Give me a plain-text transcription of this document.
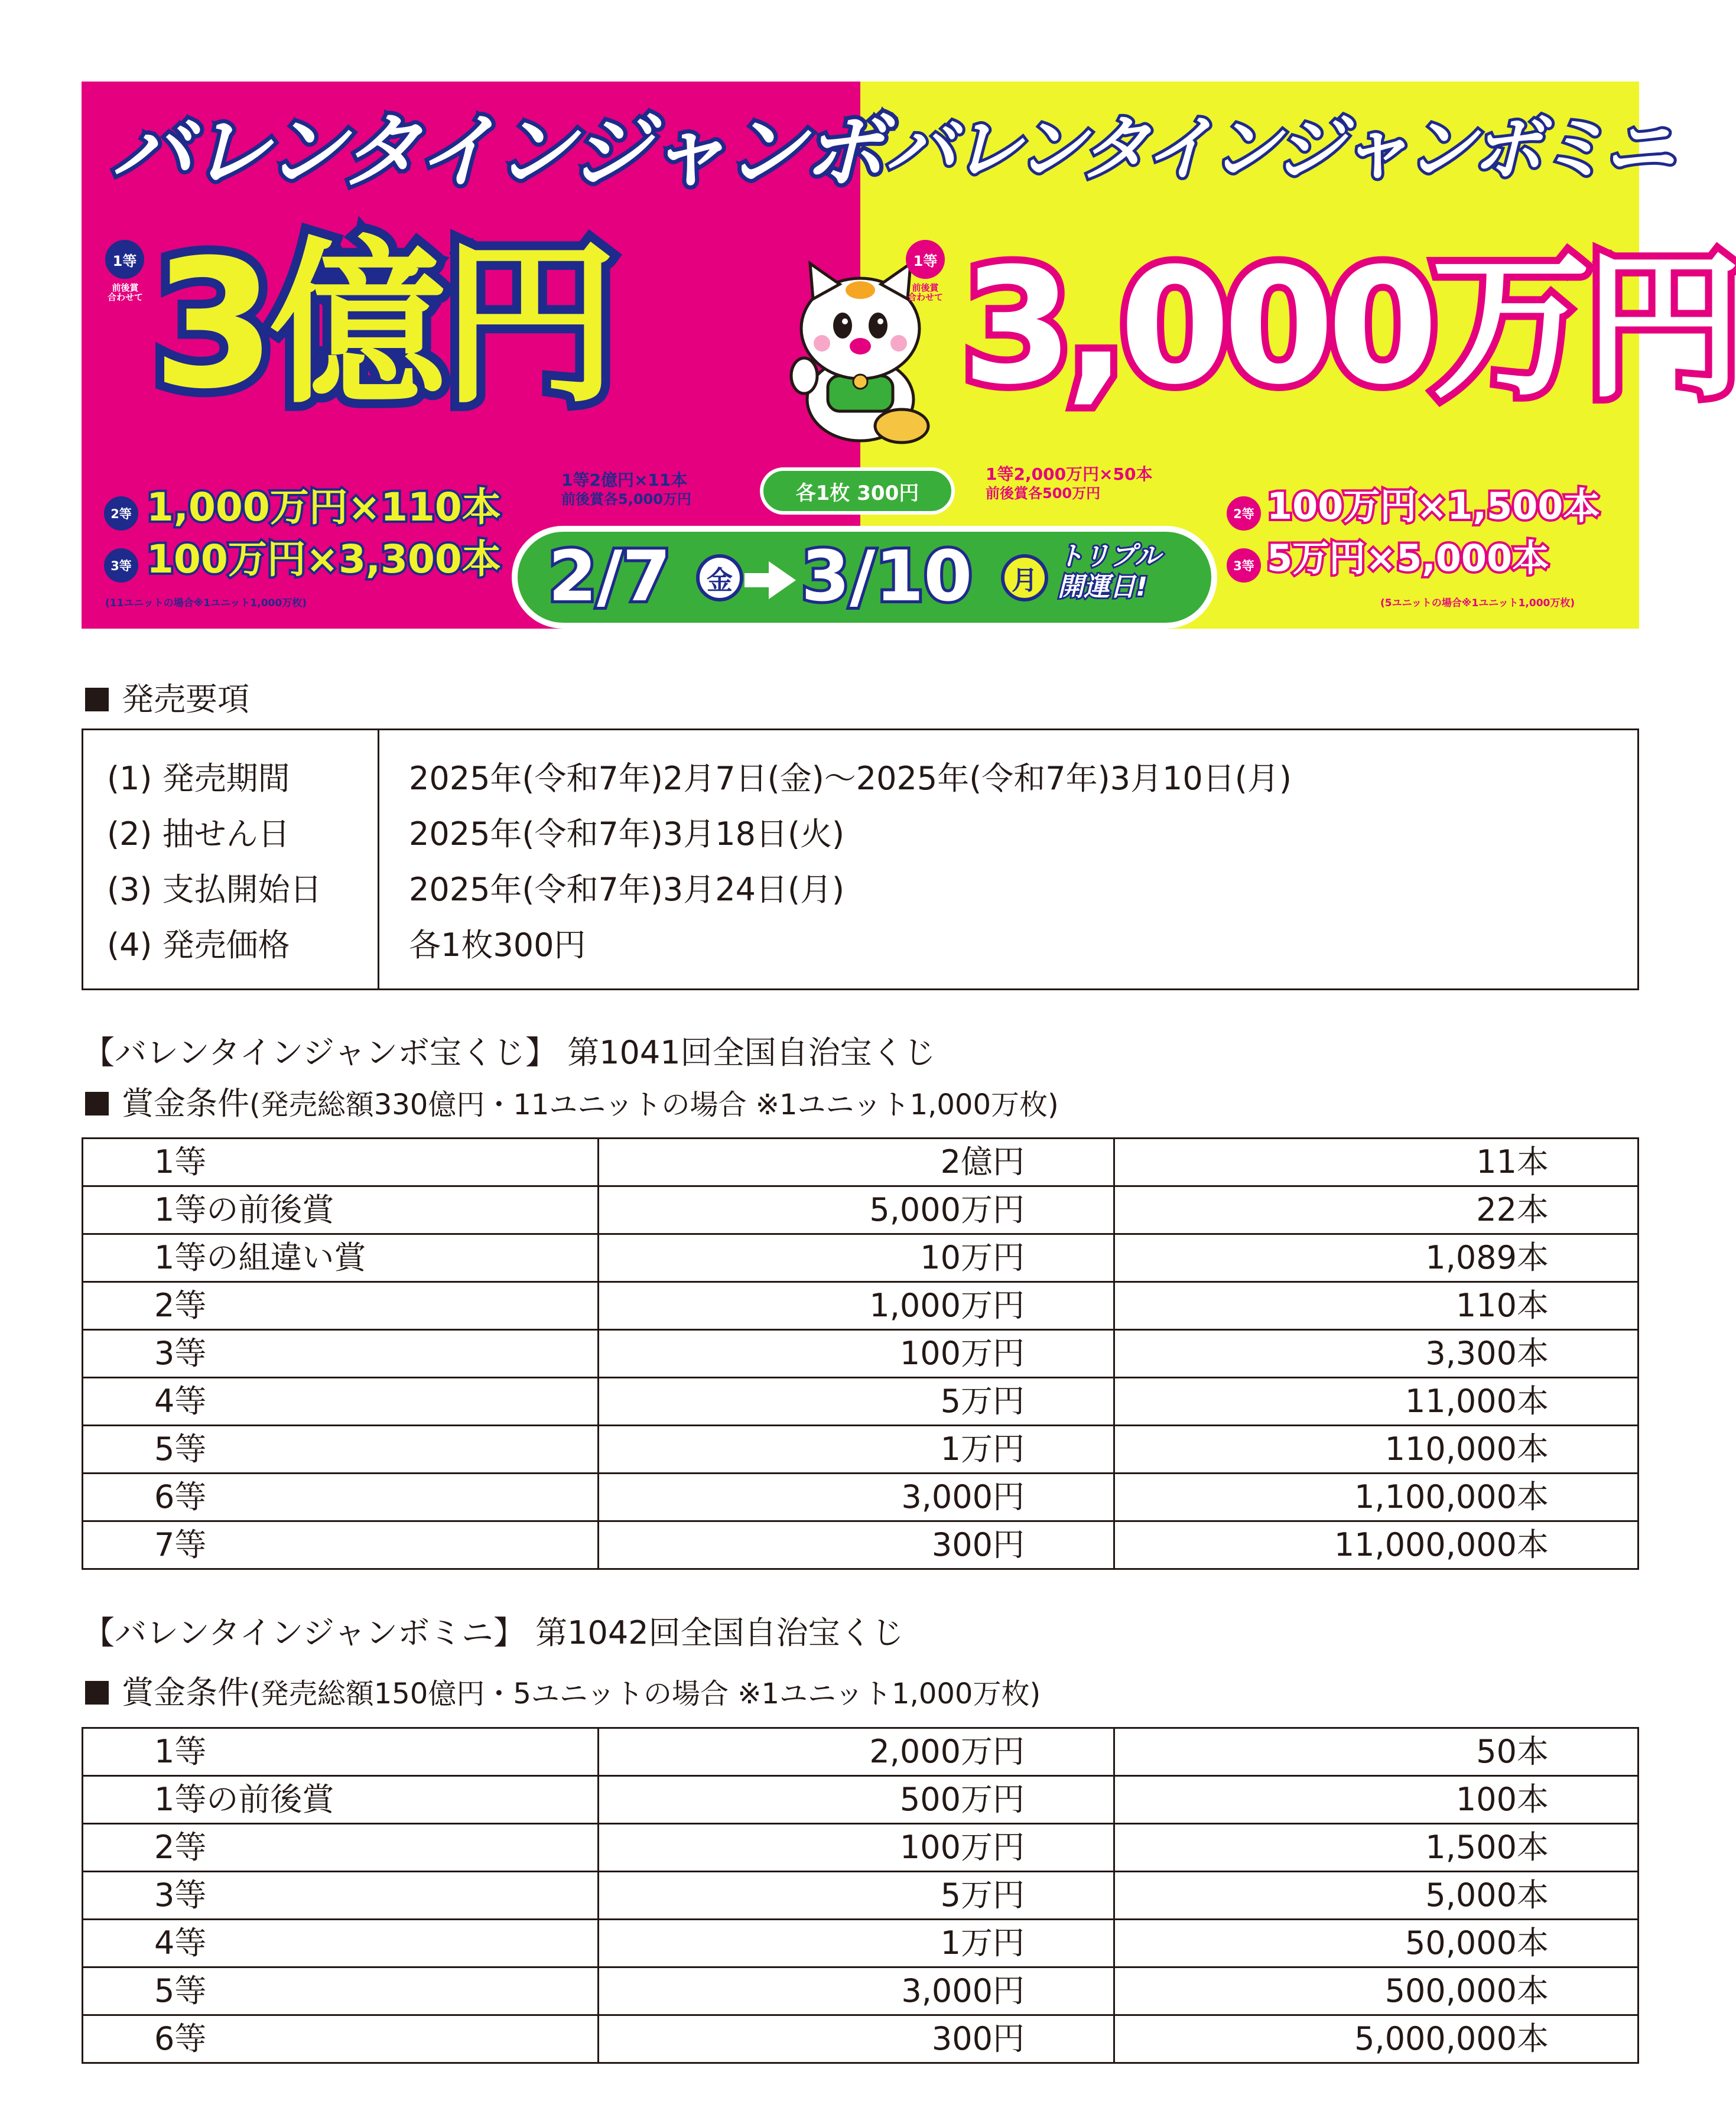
バレンタインジャンボ
1等
前後賞
合わせて 3億円
1等2億円×11本
前後賞各5,000万円
2等 1,000万円×110本
3等 100万円×3,300本
(11ユニットの場合※1ユニット1,000万枚)
各1枚 300円
バレンタインジャンボミニ
1等
前後賞
合わせて 3,000万円
1等2,000万円×50本
前後賞各500万円
2等 100万円×1,500本
3等 5万円×5,000本
(5ユニットの場合※1ユニット1,000万枚)
2/7	金 3/10	月
トリプル
開運日!
発売要項
(1) 発売期間	2025年(令和7年)2月7日(金)〜2025年(令和7年)3月10日(月)
(2) 抽せん日	2025年(令和7年)3月18日(火)
(3) 支払開始日	2025年(令和7年)3月24日(月)
(4) 発売価格	各1枚300円
【バレンタインジャンボ宝くじ】 第1041回全国自治宝くじ
賞金条件(発売総額330億円・11ユニットの場合 ※1ユニット1,000万枚)
1等	2億円	11本
1等の前後賞	5,000万円	22本
1等の組違い賞	10万円	1,089本
2等	1,000万円	110本
3等	100万円	3,300本
4等	5万円	11,000本
5等	1万円	110,000本
6等	3,000円	1,100,000本
7等	300円	11,000,000本
【バレンタインジャンボミニ】 第1042回全国自治宝くじ
賞金条件(発売総額150億円・5ユニットの場合 ※1ユニット1,000万枚)
1等	2,000万円	50本
1等の前後賞	500万円	100本
2等	100万円	1,500本
3等	5万円	5,000本
4等	1万円	50,000本
5等	3,000円	500,000本
6等	300円	5,000,000本
